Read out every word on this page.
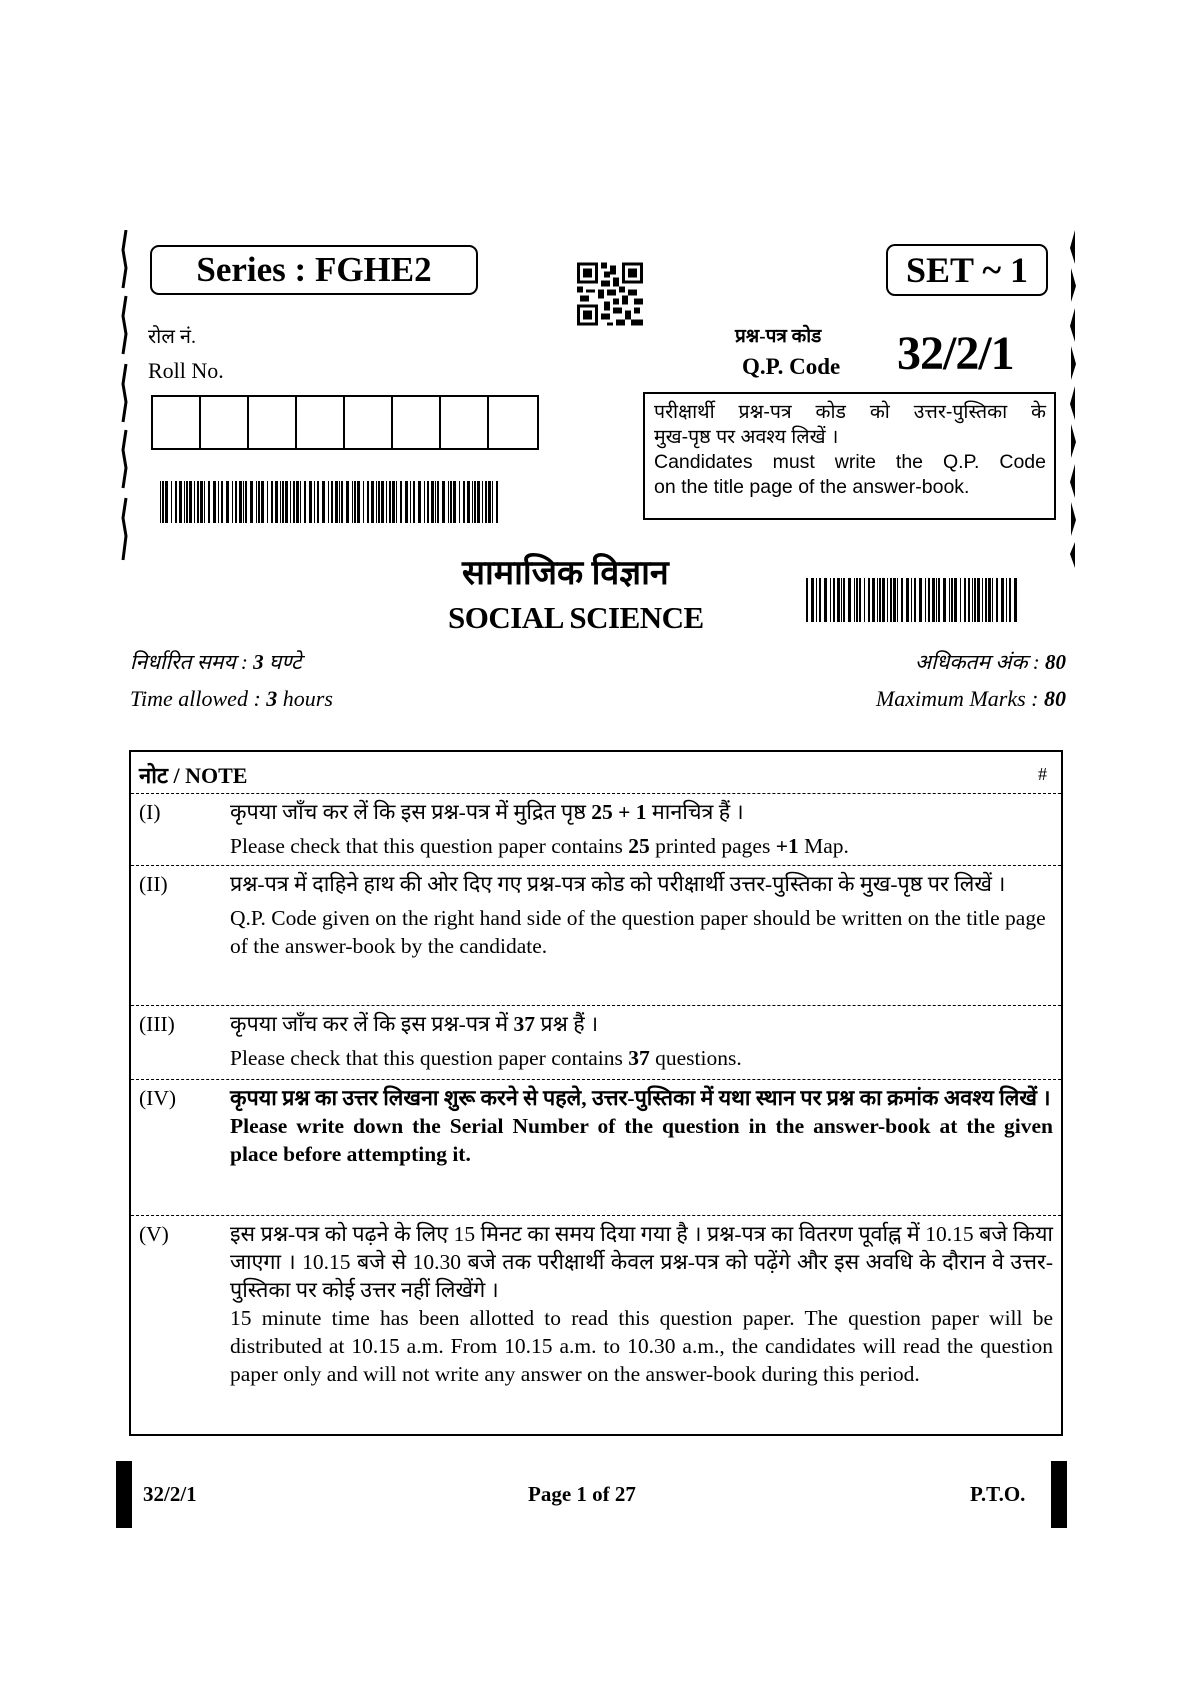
Series : FGHE2	SET ~ 1
रोल नं.
Roll No.
प्रश्न-पत्र कोड
Q.P. Code 32/2/1
परीक्षार्थी प्रश्न-पत्र कोड को उत्तर-पुस्तिका के
मुख-पृष्ठ पर अवश्य लिखें ।
Candidates must write the Q.P. Code
on the title page of the answer-book.
सामाजिक विज्ञान
SOCIAL SCIENCE
निर्धारित समय : 3 घण्टे
Time allowed : 3 hours
अधिकतम अंक : 80
Maximum Marks : 80
नोट / NOTE	#
(I)	कृपया जाँच कर लें कि इस प्रश्न-पत्र में मुद्रित पृष्ठ 25 + 1 मानचित्र हैं ।

Please check that this question paper contains 25 printed pages +1 Map.

(II)	प्रश्न-पत्र में दाहिने हाथ की ओर दिए गए प्रश्न-पत्र कोड को परीक्षार्थी उत्तर-पुस्तिका के मुख-पृष्ठ पर लिखें ।

Q.P. Code given on the right hand side of the question paper should be written on the title page of the answer-book by the candidate.

(III)	कृपया जाँच कर लें कि इस प्रश्न-पत्र में 37 प्रश्न हैं ।

Please check that this question paper contains 37 questions.

(IV)	कृपया प्रश्न का उत्तर लिखना शुरू करने से पहले, उत्तर-पुस्तिका में यथा स्थान पर प्रश्न का क्रमांक अवश्य लिखें ।

Please write down the Serial Number of the question in the answer-book at the given place before attempting it.

(V)	इस प्रश्न-पत्र को पढ़ने के लिए 15 मिनट का समय दिया गया है । प्रश्न-पत्र का वितरण पूर्वाह्न में 10.15 बजे किया जाएगा । 10.15 बजे से 10.30 बजे तक परीक्षार्थी केवल प्रश्न-पत्र को पढ़ेंगे और इस अवधि के दौरान वे उत्तर-पुस्तिका पर कोई उत्तर नहीं लिखेंगे ।

15 minute time has been allotted to read this question paper. The question paper will be distributed at 10.15 a.m. From 10.15 a.m. to 10.30 a.m., the candidates will read the question paper only and will not write any answer on the answer-book during this period.

32/2/1	Page 1 of 27	P.T.O.
